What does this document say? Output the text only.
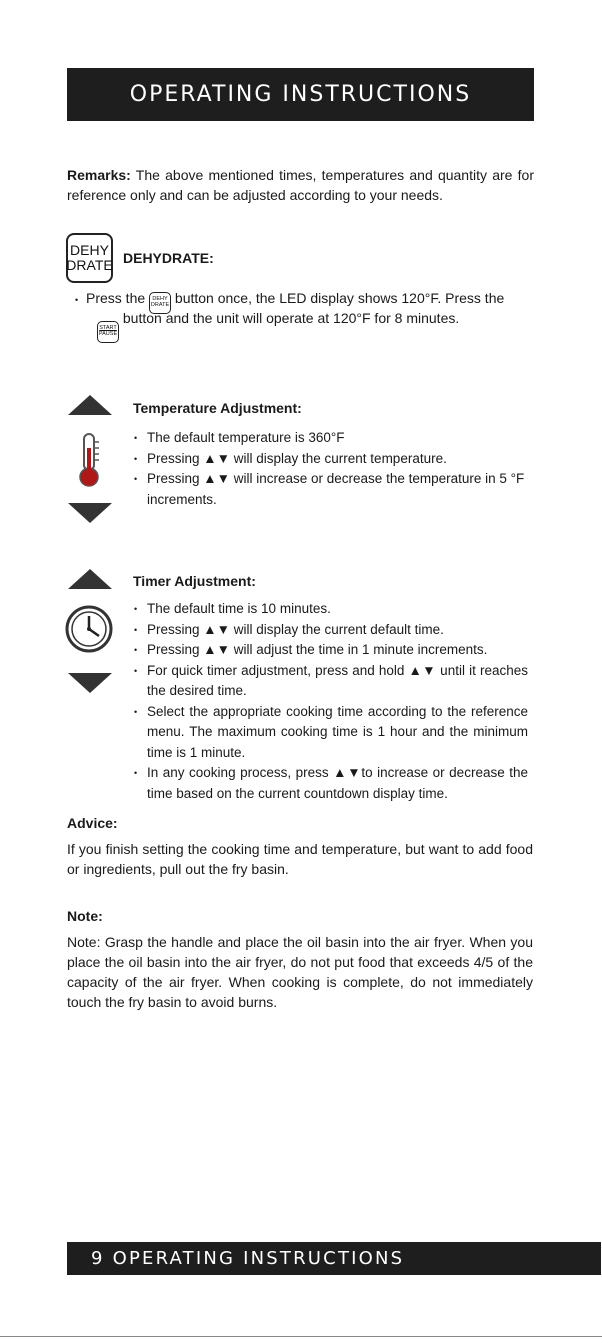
OPERATING INSTRUCTIONS
Remarks: The above mentioned times, temperatures and quantity are for reference only and can be adjusted according to your needs.
DEHY
DRATE DEHYDRATE:
• Press the DEHY
DRATE button once, the LED display shows 120°F. Press the
START
PAUSE
button and the unit will operate at 120°F for 8 minutes.
Temperature Adjustment:
• The default temperature is 360°F
• Pressing ▲▼ will display the current temperature.
• Pressing ▲▼ will increase or decrease the temperature in 5 °F increments.
Timer Adjustment:
• The default time is 10 minutes.
• Pressing ▲▼ will display the current default time.
• Pressing ▲▼ will adjust the time in 1 minute increments.
• For quick timer adjustment, press and hold ▲▼ until it reaches the desired time.
• Select the appropriate cooking time according to the reference menu. The maximum cooking time is 1 hour and the minimum time is 1 minute.
• In any cooking process, press ▲▼to increase or decrease the time based on the current countdown display time.
Advice:
If you finish setting the cooking time and temperature, but want to add food or ingredients, pull out the fry basin.
Note:
Note: Grasp the handle and place the oil basin into the air fryer. When you place the oil basin into the air fryer, do not put food that exceeds 4/5 of the capacity of the air fryer. When cooking is complete, do not immediately touch the fry basin to avoid burns.
9 OPERATING INSTRUCTIONS
